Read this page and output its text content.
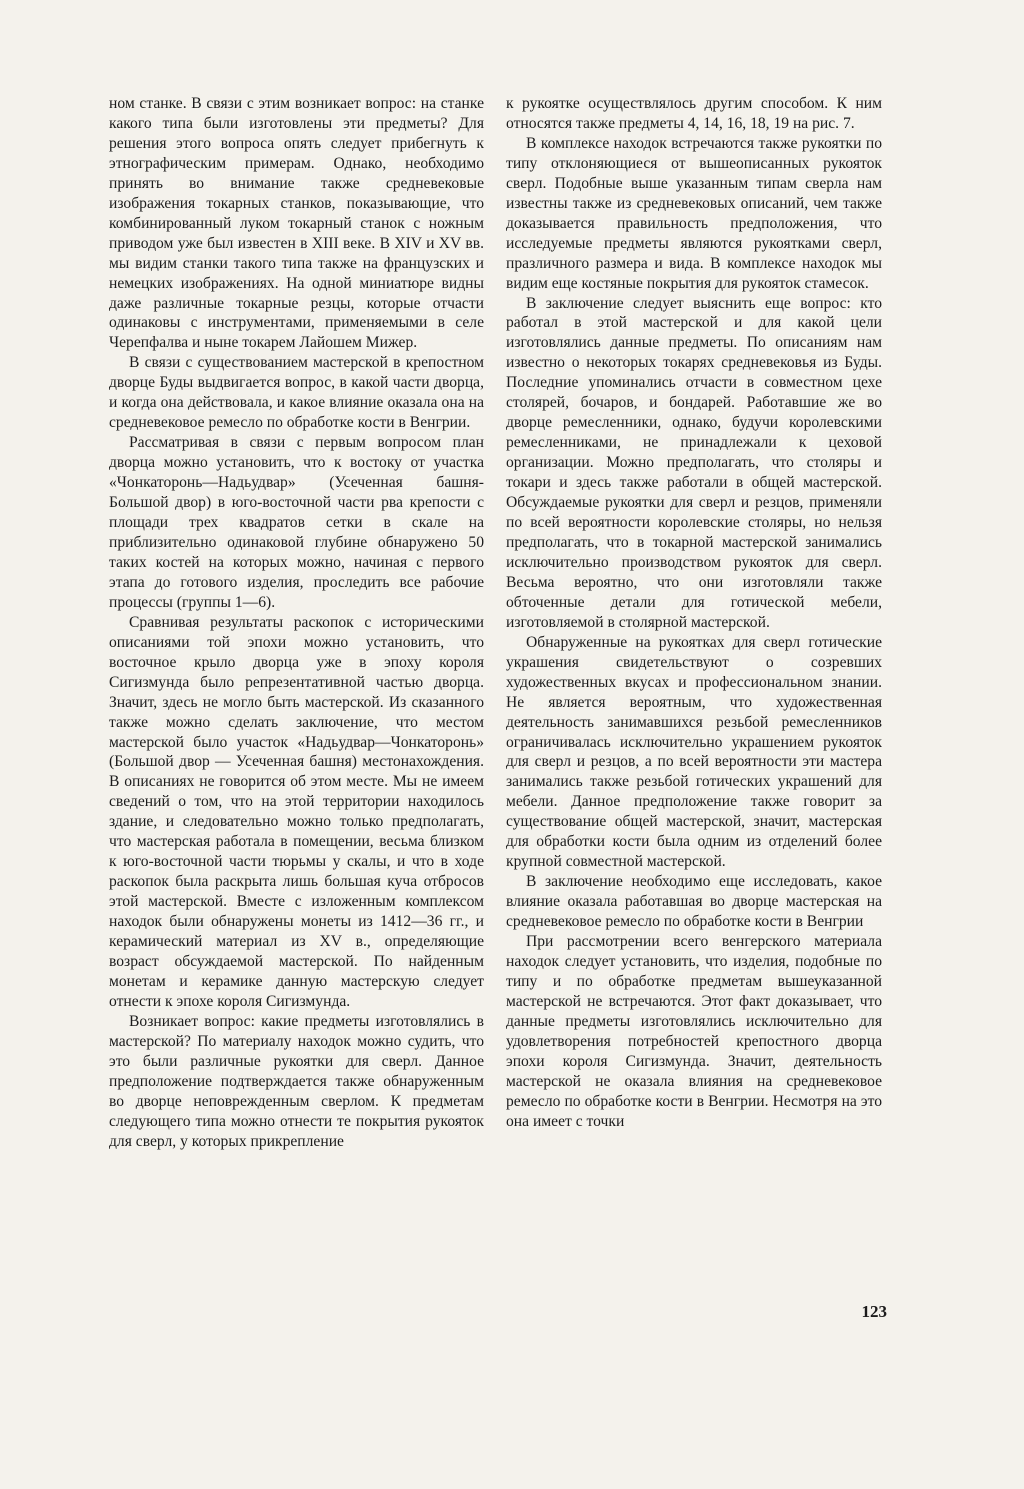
ном станке. В связи с этим возникает вопрос: на станке какого типа были изготовлены эти предметы? Для решения этого вопроса опять следует прибегнуть к этнографическим примерам. Однако, необходимо принять во внимание также средневековые изображения токарных станков, показывающие, что комбинированный луком токарный станок с ножным приводом уже был известен в XIII веке. В XIV и XV вв. мы видим станки такого типа также на французских и немецких изображениях. На одной миниатюре видны даже различные токарные резцы, которые отчасти одинаковы с инструментами, применяемыми в селе Черепфалва и ныне токарем Лайошем Мижер.

В связи с существованием мастерской в крепостном дворце Буды выдвигается вопрос, в какой части дворца, и когда она действовала, и какое влияние оказала она на средневековое ремесло по обработке кости в Венгрии.

Рассматривая в связи с первым вопросом план дворца можно установить, что к востоку от участка «Чонкаторонь—Надьудвар» (Усеченная башня-Большой двор) в юго-восточной части рва крепости с площади трех квадратов сетки в скале на приблизительно одинаковой глубине обнаружено 50 таких костей на которых можно, начиная с первого этапа до готового изделия, проследить все рабочие процессы (группы 1—6).

Сравнивая результаты раскопок с историческими описаниями той эпохи можно установить, что восточное крыло дворца уже в эпоху короля Сигизмунда было репрезентативной частью дворца. Значит, здесь не могло быть мастерской. Из сказанного также можно сделать заключение, что местом мастерской было участок «Надьудвар—Чонкаторонь» (Большой двор — Усеченная башня) местонахождения. В описаниях не говорится об этом месте. Мы не имеем сведений о том, что на этой территории находилось здание, и следовательно можно только предполагать, что мастерская работала в помещении, весьма близком к юго-восточной части тюрьмы у скалы, и что в ходе раскопок была раскрыта лишь большая куча отбросов этой мастерской. Вместе с изложенным комплексом находок были обнаружены монеты из 1412—36 гг., и керамический материал из XV в., определяющие возраст обсуждаемой мастерской. По найденным монетам и керамике данную мастерскую следует отнести к эпохе короля Сигизмунда.

Возникает вопрос: какие предметы изготовлялись в мастерской? По материалу находок можно судить, что это были различные рукоятки для сверл. Данное предположение подтверждается также обнаруженным во дворце неповрежденным сверлом. К предметам следующего типа можно отнести те покрытия рукояток для сверл, у которых прикрепление

к рукоятке осуществлялось другим способом. К ним относятся также предметы 4, 14, 16, 18, 19 на рис. 7.

В комплексе находок встречаются также рукоятки по типу отклоняющиеся от вышеописанных рукояток сверл. Подобные выше указанным типам сверла нам известны также из средневековых описаний, чем также доказывается правильность предположения, что исследуемые предметы являются рукоятками сверл, празличного размера и вида. В комплексе находок мы видим еще костяные покрытия для рукояток стамесок.

В заключение следует выяснить еще вопрос: кто работал в этой мастерской и для какой цели изготовлялись данные предметы. По описаниям нам известно о некоторых токарях средневековья из Буды. Последние упоминались отчасти в совместном цехе столярей, бочаров, и бондарей. Работавшие же во дворце ремесленники, однако, будучи королевскими ремесленниками, не принадлежали к цеховой организации. Можно предполагать, что столяры и токари и здесь также работали в общей мастерской. Обсуждаемые рукоятки для сверл и резцов, применяли по всей вероятности королевские столяры, но нельзя предполагать, что в токарной мастерской занимались исключительно производством рукояток для сверл. Весьма вероятно, что они изготовляли также обточенные детали для готической мебели, изготовляемой в столярной мастерской.

Обнаруженные на рукоятках для сверл готические украшения свидетельствуют о созревших художественных вкусах и профессиональном знании. Не является вероятным, что художественная деятельность занимавшихся резьбой ремесленников ограничивалась исключительно украшением рукояток для сверл и резцов, а по всей вероятности эти мастера занимались также резьбой готических украшений для мебели. Данное предположение также говорит за существование общей мастерской, значит, мастерская для обработки кости была одним из отделений более крупной совместной мастерской.

В заключение необходимо еще исследовать, какое влияние оказала работавшая во дворце мастерская на средневековое ремесло по обработке кости в Венгрии

При рассмотрении всего венгерского материала находок следует установить, что изделия, подобные по типу и по обработке предметам вышеуказанной мастерской не встречаются. Этот факт доказывает, что данные предметы изготовлялись исключительно для удовлетворения потребностей крепостного дворца эпохи короля Сигизмунда. Значит, деятельность мастерской не оказала влияния на средневековое ремесло по обработке кости в Венгрии. Несмотря на это она имеет с точки

123
